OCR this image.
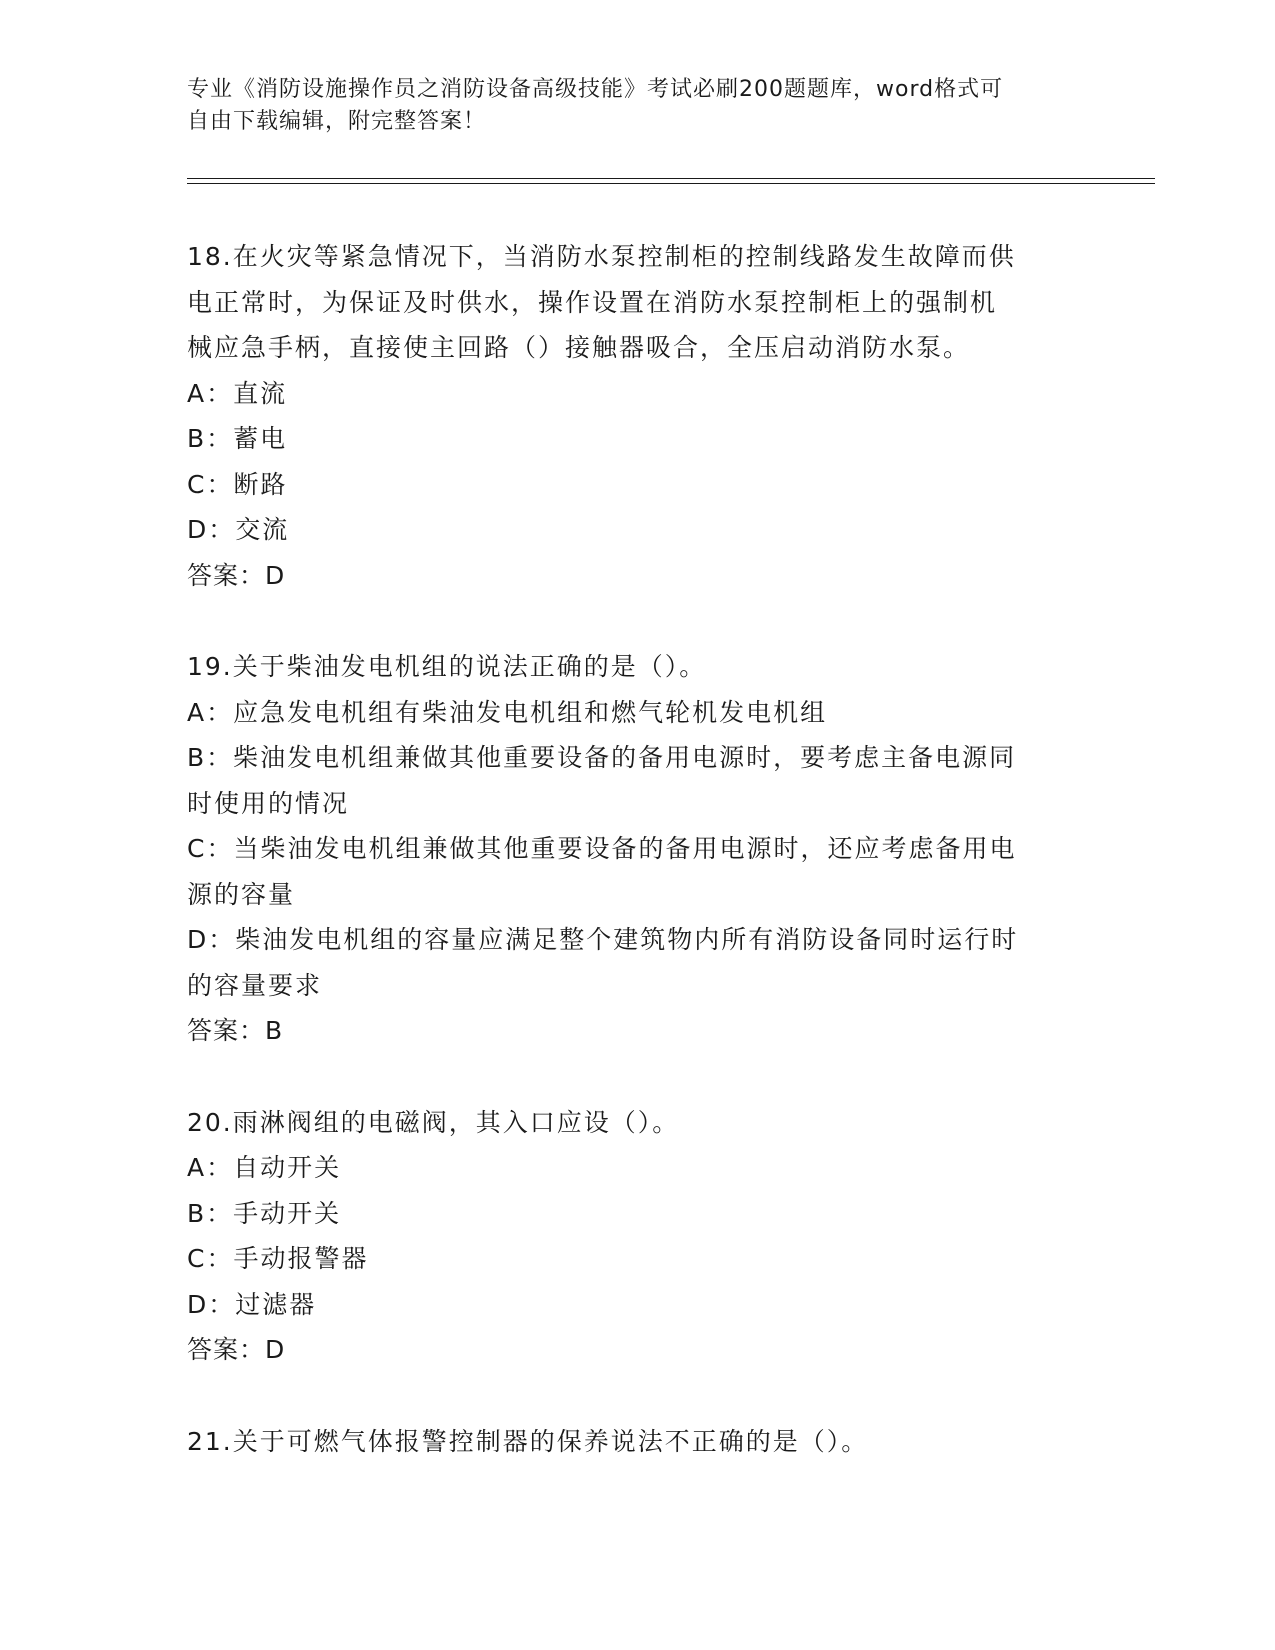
专业《消防设施操作员之消防设备高级技能》考试必刷200题题库，word格式可
自由下载编辑，附完整答案！
18.在火灾等紧急情况下，当消防水泵控制柜的控制线路发生故障而供
电正常时，为保证及时供水，操作设置在消防水泵控制柜上的强制机
械应急手柄，直接使主回路（）接触器吸合，全压启动消防水泵。
A：直流
B：蓄电
C：断路
D：交流
答案：D
19.关于柴油发电机组的说法正确的是（）。
A：应急发电机组有柴油发电机组和燃气轮机发电机组
B：柴油发电机组兼做其他重要设备的备用电源时，要考虑主备电源同
时使用的情况
C：当柴油发电机组兼做其他重要设备的备用电源时，还应考虑备用电
源的容量
D：柴油发电机组的容量应满足整个建筑物内所有消防设备同时运行时
的容量要求
答案：B
20.雨淋阀组的电磁阀，其入口应设（）。
A：自动开关
B：手动开关
C：手动报警器
D：过滤器
答案：D
21.关于可燃气体报警控制器的保养说法不正确的是（）。
